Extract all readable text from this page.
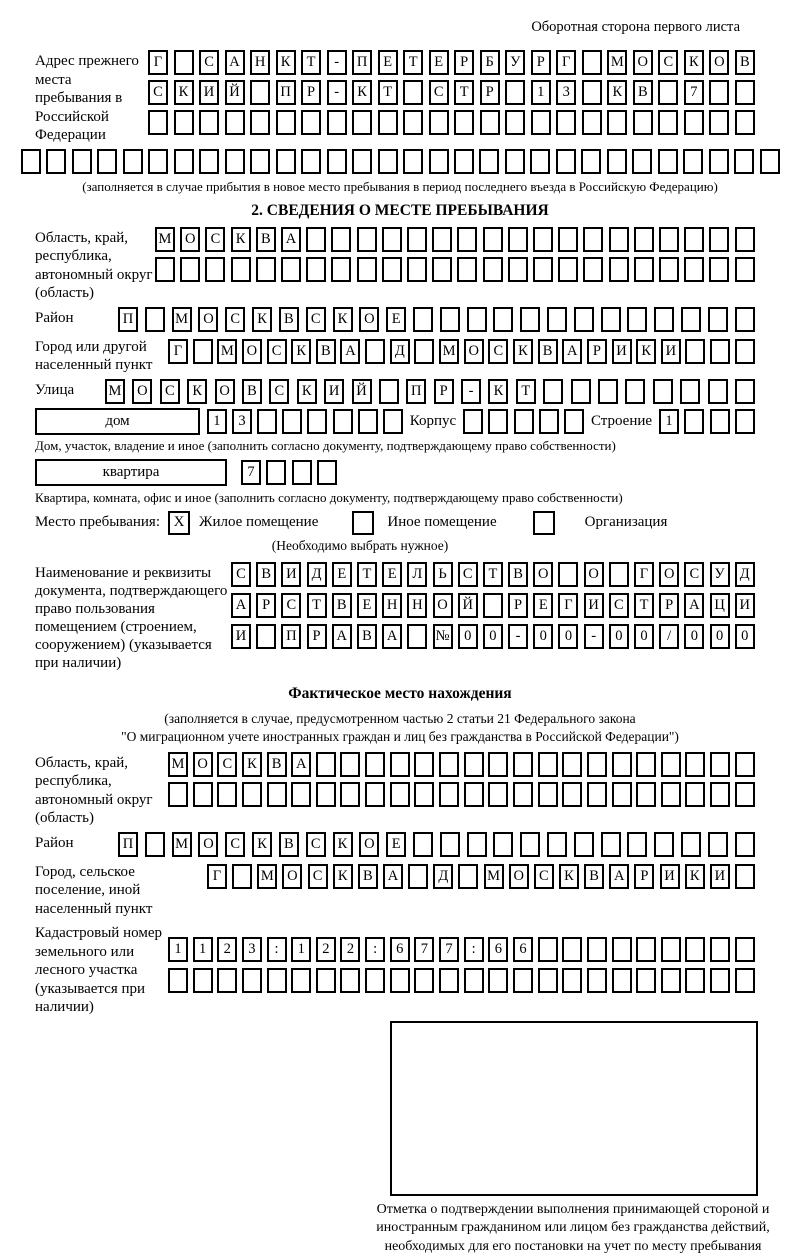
Оборотная сторона первого листа
Адрес прежнего места пребывания в Российской Федерации
Г	С	А	Н	К	Т	-	П	Е	Т	Е	Р	Б	У	Р	Г	М О	С	К	О	В
С	К	И	Й	П	Р	-	К	Т	С	Т	Р	1	3	К	В	7
(заполняется в случае прибытия в новое место пребывания в период последнего въезда в Российскую Федерацию)
2. СВЕДЕНИЯ О МЕСТЕ ПРЕБЫВАНИЯ
Область, край, республика, автономный округ (область)
М О	С	К	В	А
Район	П	М	О	С	К	В	С	К	О	Е
Город или другой населенный пункт
Г	М О	С	К	В	А	Д	М О	С	К	В	А	Р	И	К	И
Улица	М	О	С	К	О	В	С	К	И	Й	П	Р	-	К	Т
дом	1	3	Корпус	Строение 1
Дом, участок, владение и иное (заполнить согласно документу, подтверждающему право собственности)
квартира	7
Квартира, комната, офис и иное (заполнить согласно документу, подтверждающему право собственности)
Место пребывания: X Жилое помещение	Иное помещение	Организация
(Необходимо выбрать нужное)
Наименование и реквизиты документа, подтверждающего право пользования помещением (строением, сооружением) (указывается при наличии)
С	В	И	Д	Е	Т	Е	Л	Ь	С	Т	В	О	О	Г	О	С	У	Д
А	Р	С	Т	В	Е	Н	Н	О	Й	Р	Е	Г	И	С	Т	Р	А	Ц	И
И	П	Р	А	В	А	№	0	0	-	0	0	-	0	0	/	0	0	0
Фактическое место нахождения
(заполняется в случае, предусмотренном частью 2 статьи 21 Федерального закона
"О миграционном учете иностранных граждан и лиц без гражданства в Российской Федерации")
Область, край, республика, автономный округ (область)
М О	С	К	В	А
Район	П	М	О	С	К	В	С	К	О	Е
Город, сельское поселение, иной населенный пункт
Г	М О	С	К	В	А	Д	М О	С	К	В	А	Р	И	К	И
Кадастровый номер земельного или лесного участка (указывается при наличии)
1	1	2	3	:	1	2	2	:	6	7	7	:	6	6
Отметка о подтверждении выполнения принимающей стороной и иностранным гражданином или лицом без гражданства действий, необходимых для его постановки на учет по месту пребывания
